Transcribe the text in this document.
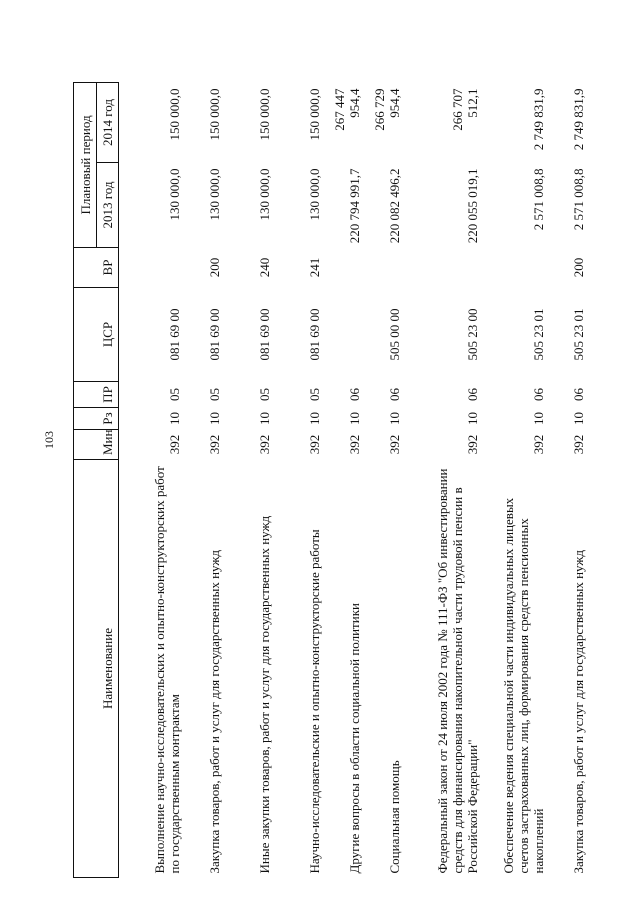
103
Наименование	Мин	Рз	ПР	ЦСР	ВР	Плановый период	
						2013 год	2014 год
Выполнение научно-исследовательских и опытно-конструкторских работ по государственным контрактам	392	10	05	081 69 00		130 000,0	150 000,0
Закупка товаров, работ и услуг для государственных нужд	392	10	05	081 69 00	200	130 000,0	150 000,0
Иные закупки товаров, работ и услуг для государственных нужд	392	10	05	081 69 00	240	130 000,0	150 000,0
Научно-исследовательские и опытно-конструкторские работы	392	10	05	081 69 00	241	130 000,0	150 000,0
Другие вопросы в области социальной политики	392	10	06			220 794 991,7	267 447 954,4
Социальная помощь	392	10	06	505 00 00		220 082 496,2	266 729 954,4
Федеральный закон от 24 июля 2002 года № 111-ФЗ "Об инвестировании средств для финансирования накопительной части трудовой пенсии в Российской Федерации"	392	10	06	505 23 00		220 055 019,1	266 707 512,1
Обеспечение ведения специальной части индивидуальных лицевых счетов застрахованных лиц, формирования средств пенсионных накоплений	392	10	06	505 23 01		2 571 008,8	2 749 831,9
Закупка товаров, работ и услуг для государственных нужд	392	10	06	505 23 01	200	2 571 008,8	2 749 831,9
